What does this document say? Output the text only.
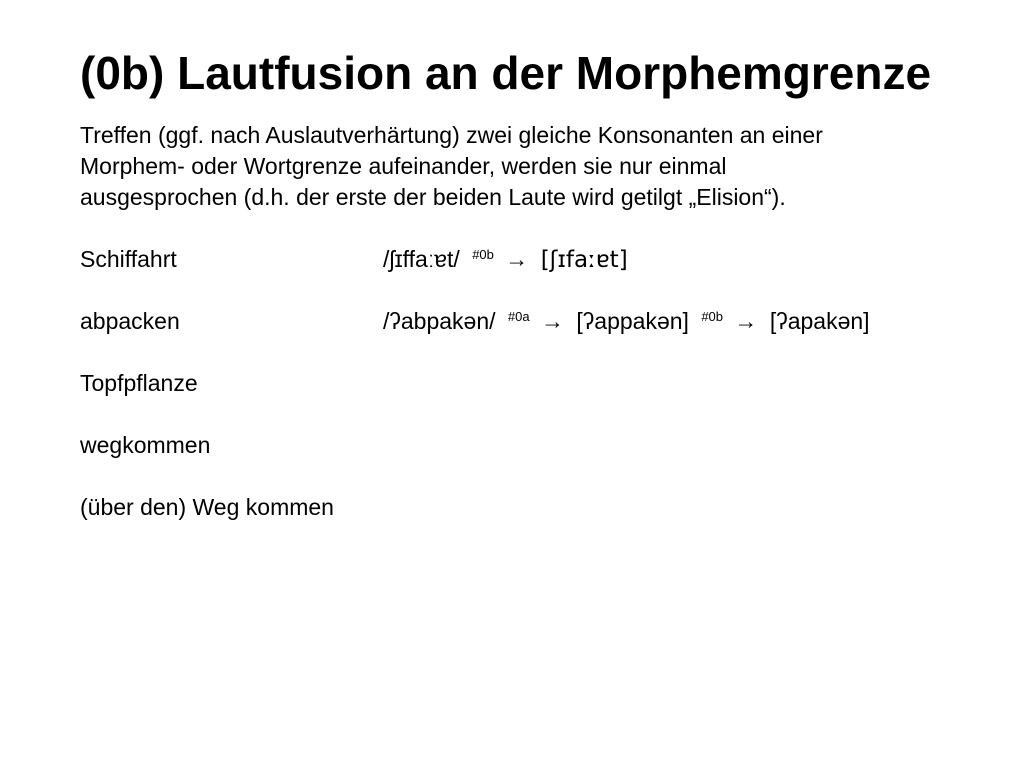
(0b) Lautfusion an der Morphemgrenze
Treffen (ggf. nach Auslautverhärtung) zwei gleiche Konsonanten an einer
Morphem- oder Wortgrenze aufeinander, werden sie nur einmal
ausgesprochen (d.h. der erste der beiden Laute wird getilgt „Elision“).
Schiffahrt	/ʃɪffaːɐt/ $^{\#0b}$ → [ʃɪfaːɐt]
abpacken	/ʔabpakən/ $^{\#0a}$ → [ʔappakən] $^{\#0b}$ → [ʔapakən]
Topfpflanze
wegkommen
(über den) Weg kommen
